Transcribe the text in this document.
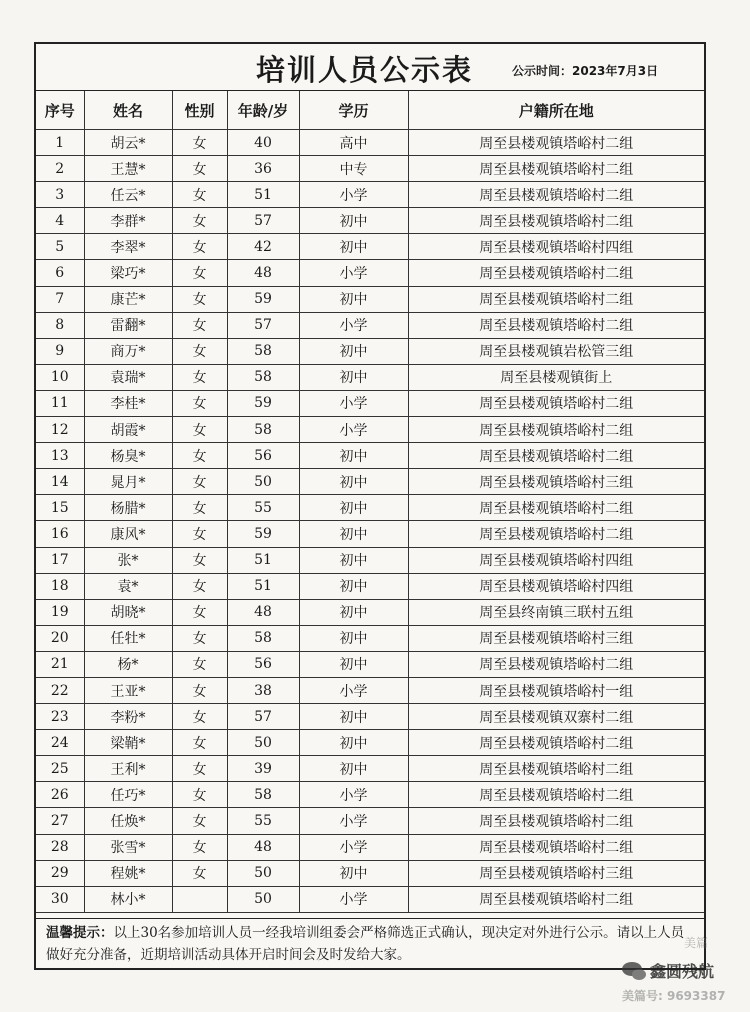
培训人员公示表	公示时间：2023年7月3日
序号	姓名	性别	年龄/岁	学历	户籍所在地
1	胡云*	女	40	高中	周至县楼观镇塔峪村二组
2	王慧*	女	36	中专	周至县楼观镇塔峪村二组
3	任云*	女	51	小学	周至县楼观镇塔峪村二组
4	李群*	女	57	初中	周至县楼观镇塔峪村二组
5	李翠*	女	42	初中	周至县楼观镇塔峪村四组
6	梁巧*	女	48	小学	周至县楼观镇塔峪村二组
7	康芒*	女	59	初中	周至县楼观镇塔峪村二组
8	雷翻*	女	57	小学	周至县楼观镇塔峪村二组
9	商万*	女	58	初中	周至县楼观镇岩松管三组
10	袁瑞*	女	58	初中	周至县楼观镇街上
11	李桂*	女	59	小学	周至县楼观镇塔峪村二组
12	胡霞*	女	58	小学	周至县楼观镇塔峪村二组
13	杨臭*	女	56	初中	周至县楼观镇塔峪村二组
14	晁月*	女	50	初中	周至县楼观镇塔峪村三组
15	杨腊*	女	55	初中	周至县楼观镇塔峪村二组
16	康风*	女	59	初中	周至县楼观镇塔峪村二组
17	张*	女	51	初中	周至县楼观镇塔峪村四组
18	袁*	女	51	初中	周至县楼观镇塔峪村四组
19	胡晓*	女	48	初中	周至县终南镇三联村五组
20	任牡*	女	58	初中	周至县楼观镇塔峪村三组
21	杨*	女	56	初中	周至县楼观镇塔峪村二组
22	王亚*	女	38	小学	周至县楼观镇塔峪村一组
23	李粉*	女	57	初中	周至县楼观镇双寨村二组
24	梁鞘*	女	50	初中	周至县楼观镇塔峪村二组
25	王利*	女	39	初中	周至县楼观镇塔峪村二组
26	任巧*	女	58	小学	周至县楼观镇塔峪村二组
27	任焕*	女	55	小学	周至县楼观镇塔峪村二组
28	张雪*	女	48	小学	周至县楼观镇塔峪村二组
29	程姚*	女	50	初中	周至县楼观镇塔峪村三组
30	林小*		50	小学	周至县楼观镇塔峪村二组
温馨提示：以上30名参加培训人员一经我培训组委会严格筛选正式确认，现决定对外进行公示。请以上人员做好充分准备，近期培训活动具体开启时间会及时发给大家。
美篇
鑫圆残航
美篇号: 9693387
